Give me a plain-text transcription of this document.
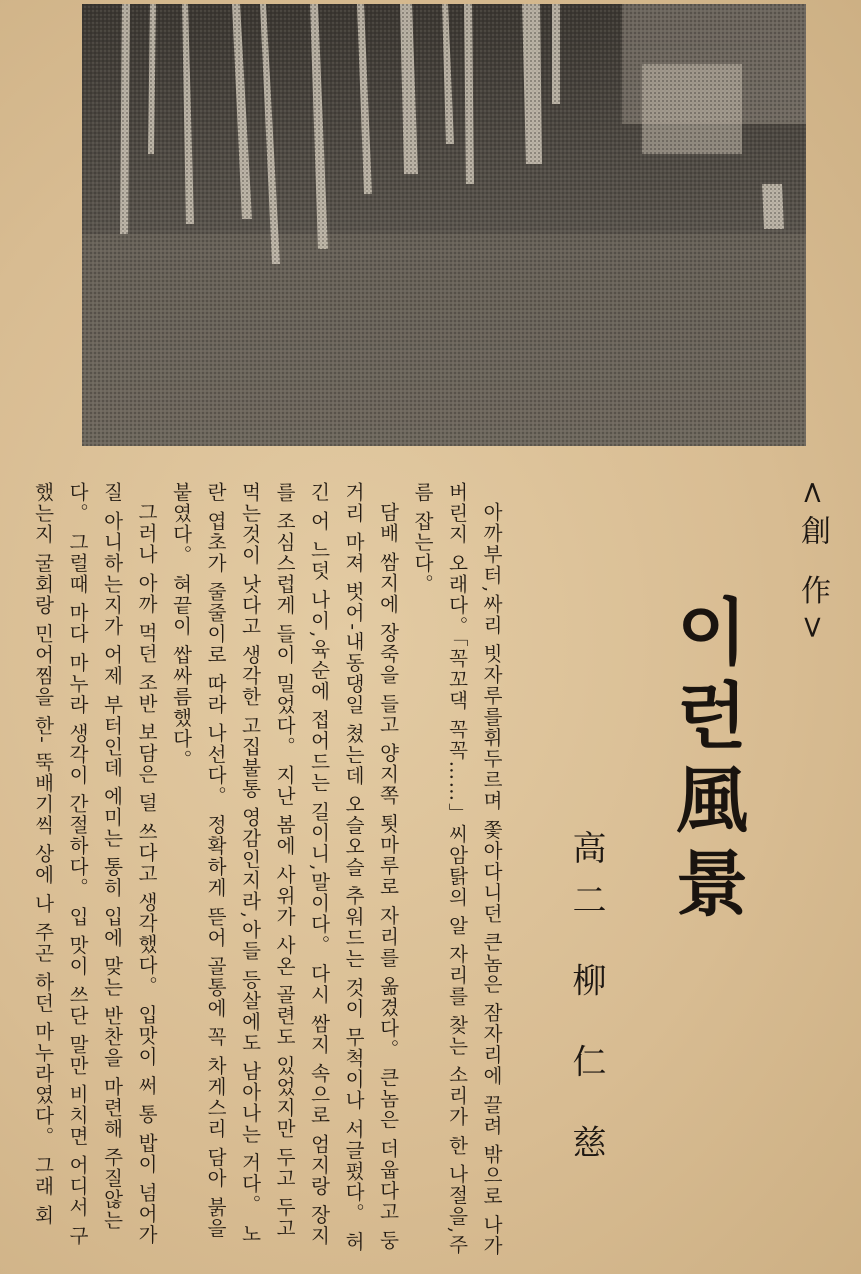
<創 作>
이런風景
高二 柳 仁 慈

아까부터,싸리 빗자루를휘두르며 쫓아다니던 큰놈은 잠자리에 끌려 밖으로 나가 버린지 오래다。「꼭꼬댁 꼭꼭……」씨암탉의 알 자리를 찾는 소리가 한 나절을,주름 잡는다。

담배 쌈지에 장죽을 들고 양지쪽 툇마루로 자리를 옮겼다。 큰놈은 더웁다고 둥거리 마져 벗어-내동댕일 쳤는데 오슬오슬 추워드는 것이 무척이나 서글펐다。 허긴 어 느덧 나이,육순에 접어드는 길이니,말이다。 다시 쌈지 속으로 엄지랑 장지를 조심스럽게 들이 밀었다。 지난 봄에 사위가 사온 골련도 있었지만 두고 두고 먹는것이 낫다고 생각한 고집불통 영감인지라,아들 등살에도 남아나는 거다。 노란 엽초가 줄줄이로 따라 나선다。 정확하게 뜯어 골통에 꼭 차게스리 담아 붉을 붙였다。 혀끝이 쌉싸름했다。

그러나 아까 먹던 조반 보담은 덜 쓰다고 생각했다。 입맛이 써 통 밥이 넘어가질 아니하는지가 어제 부터인데 에미는 통히 입에 맞는 반찬을 마련해 주질않는다。 그럴때 마다 마누라 생각이 간절하다。 입 맛이 쓰단 말만 비치면 어디서 구했는지 굴회랑 민어찜을 한- 뚝배기씩 상에 나 주곤 하던 마누라였다。 그래 회
